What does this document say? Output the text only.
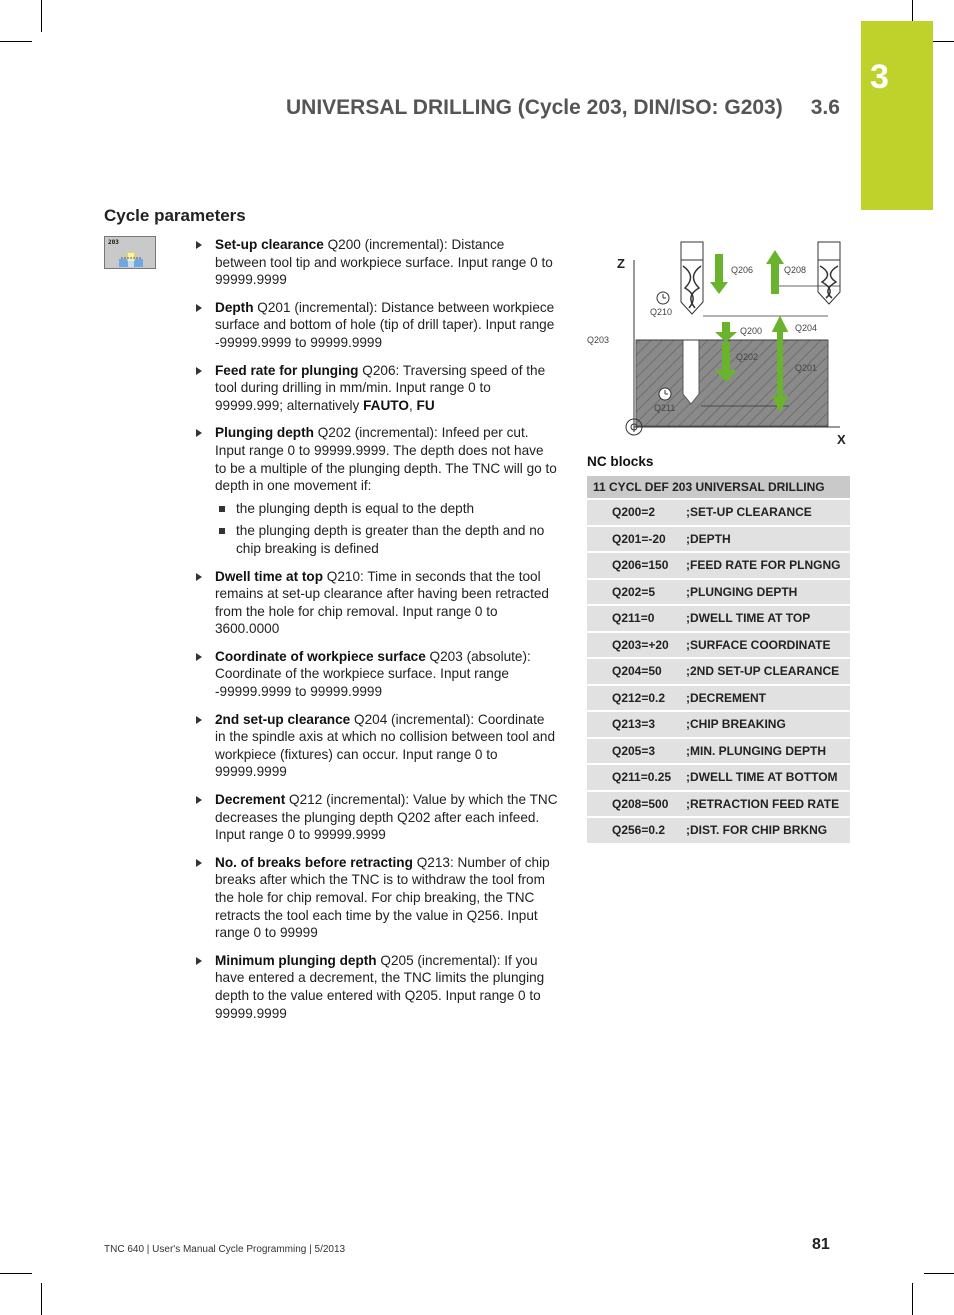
3
UNIVERSAL DRILLING (Cycle 203, DIN/ISO: G203) 3.6
Cycle parameters
203	Set-up clearance Q200 (incremental): Distance between tool tip and workpiece surface. Input range 0 to 99999.9999
Depth Q201 (incremental): Distance between workpiece surface and bottom of hole (tip of drill taper). Input range -99999.9999 to 99999.9999
Feed rate for plunging Q206: Traversing speed of the tool during drilling in mm/min. Input range 0 to 99999.999; alternatively FAUTO, FU
Plunging depth Q202 (incremental): Infeed per cut. Input range 0 to 99999.9999. The depth does not have to be a multiple of the plunging depth. The TNC will go to depth in one movement if:
the plunging depth is equal to the depth
the plunging depth is greater than the depth and no chip breaking is defined
Dwell time at top Q210: Time in seconds that the tool remains at set-up clearance after having been retracted from the hole for chip removal. Input range 0 to 3600.0000
Coordinate of workpiece surface Q203 (absolute): Coordinate of the workpiece surface. Input range -99999.9999 to 99999.9999
2nd set-up clearance Q204 (incremental): Coordinate in the spindle axis at which no collision between tool and workpiece (fixtures) can occur. Input range 0 to 99999.9999
Decrement Q212 (incremental): Value by which the TNC decreases the plunging depth Q202 after each infeed. Input range 0 to 99999.9999
No. of breaks before retracting Q213: Number of chip breaks after which the TNC is to withdraw the tool from the hole for chip removal. For chip breaking, the TNC retracts the tool each time by the value in Q256. Input range 0 to 99999
Minimum plunging depth Q205 (incremental): If you have entered a decrement, the TNC limits the plunging depth to the value entered with Q205. Input range 0 to 99999.9999
Z
X
Q206	Q208
Q210
Q200	Q204
Q203
Q202
Q201
Q211
NC blocks
11 CYCL DEF 203 UNIVERSAL DRILLING
Q200=2	;SET-UP CLEARANCE
Q201=-20	;DEPTH
Q206=150	;FEED RATE FOR PLNGNG
Q202=5	;PLUNGING DEPTH
Q211=0	;DWELL TIME AT TOP
Q203=+20	;SURFACE COORDINATE
Q204=50	;2ND SET-UP CLEARANCE
Q212=0.2	;DECREMENT
Q213=3	;CHIP BREAKING
Q205=3	;MIN. PLUNGING DEPTH
Q211=0.25	;DWELL TIME AT BOTTOM
Q208=500	;RETRACTION FEED RATE
Q256=0.2	;DIST. FOR CHIP BRKNG
TNC 640 | User's Manual Cycle Programming | 5/2013	81
